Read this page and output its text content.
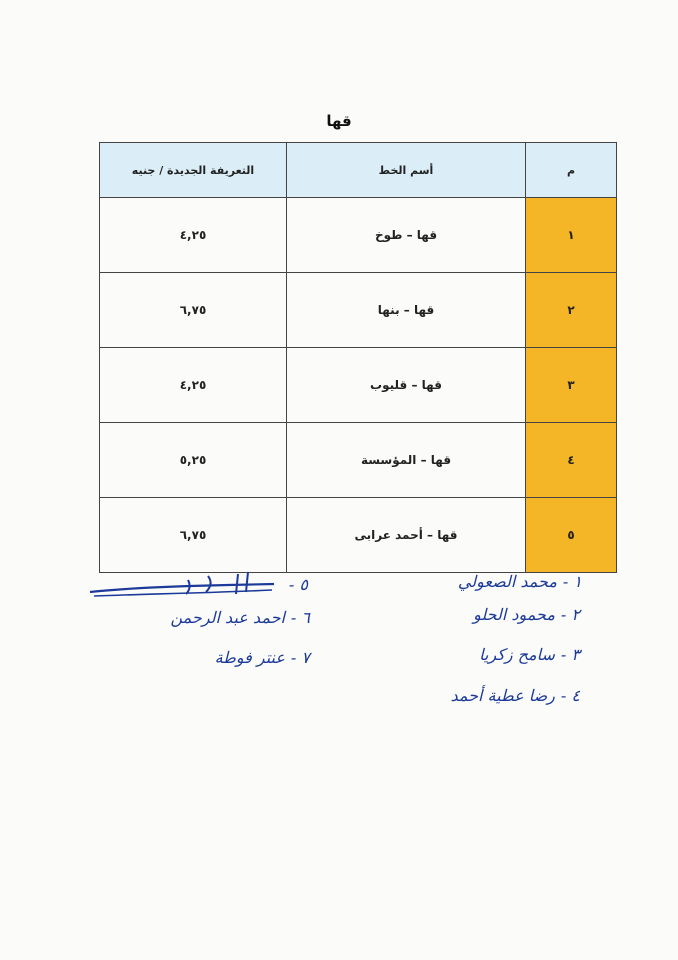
قها
م	أسم الخط	التعريفة الجديدة / جنيه
١	قها – طوخ	٤,٢٥
٢	قها – بنها	٦,٧٥
٣	قها – قليوب	٤,٢٥
٤	قها – المؤسسة	٥,٢٥
٥	قها – أحمد عرابى	٦,٧٥
١ -محمد الصعولي
٢ -محمود الحلو
٣ -سامح زكريا
٤ -رضا عطية أحمد
٥ -
٦ -احمد عبد الرحمن
٧ -عنتر فوطة
